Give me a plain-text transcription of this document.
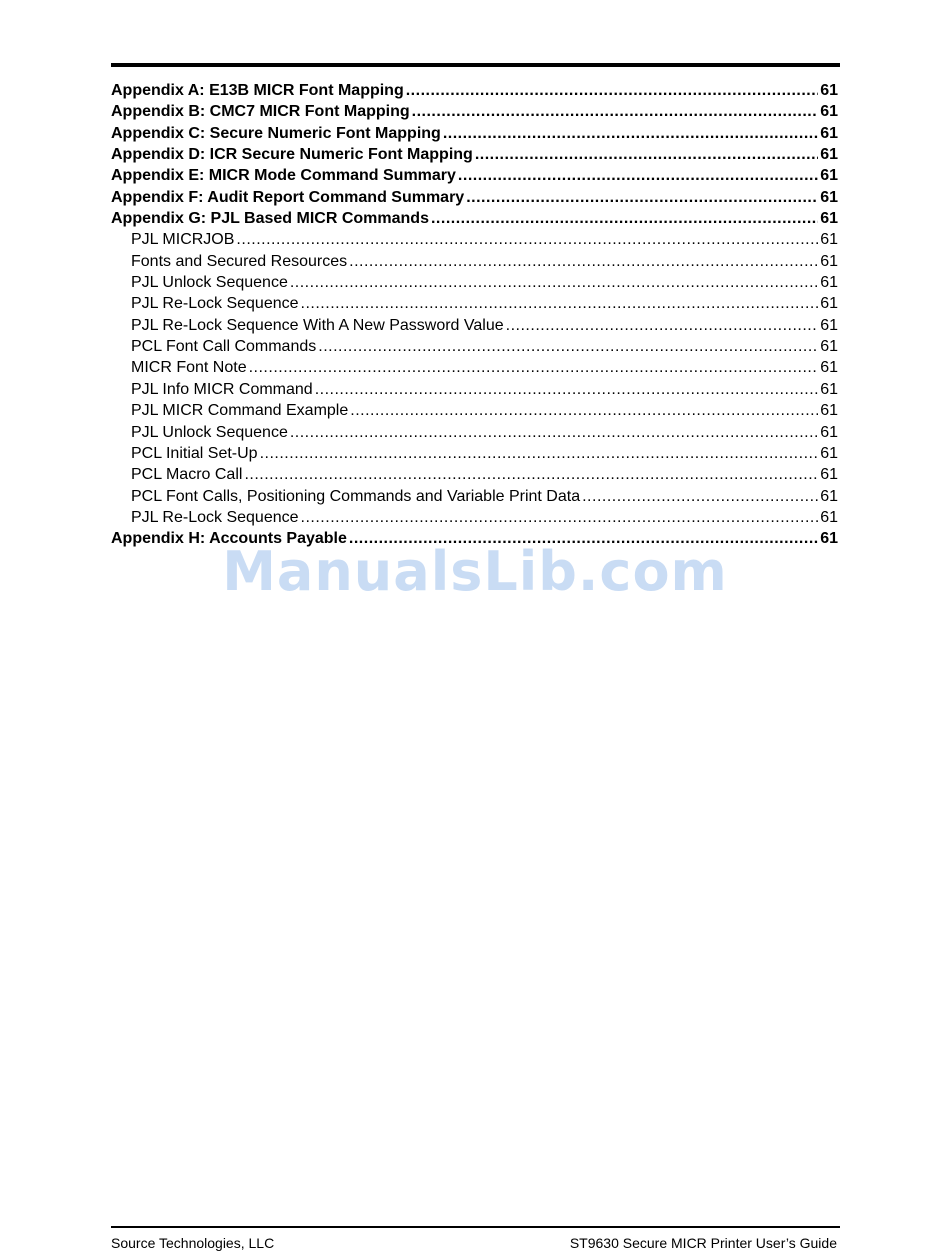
Appendix A: E13B MICR Font Mapping .....	61
Appendix B: CMC7 MICR Font Mapping .....	61
Appendix C: Secure Numeric Font Mapping .....	61
Appendix D: ICR Secure Numeric Font Mapping .....	61
Appendix E: MICR Mode Command Summary .....	61
Appendix F: Audit Report Command Summary .....	61
Appendix G: PJL Based MICR Commands .....	61
PJL MICRJOB .....	61
Fonts and Secured Resources .....	61
PJL Unlock Sequence .....	61
PJL Re-Lock Sequence .....	61
PJL Re-Lock Sequence With A New Password Value .....	61
PCL Font Call Commands .....	61
MICR Font Note .....	61
PJL Info MICR Command .....	61
PJL MICR Command Example .....	61
PJL Unlock Sequence .....	61
PCL Initial Set-Up .....	61
PCL Macro Call .....	61
PCL Font Calls, Positioning Commands and Variable Print Data .....	61
PJL Re-Lock Sequence .....	61
Appendix H: Accounts Payable .....	61
ManualsLib.com
Source Technologies, LLC	ST9630 Secure MICR Printer User’s Guide
